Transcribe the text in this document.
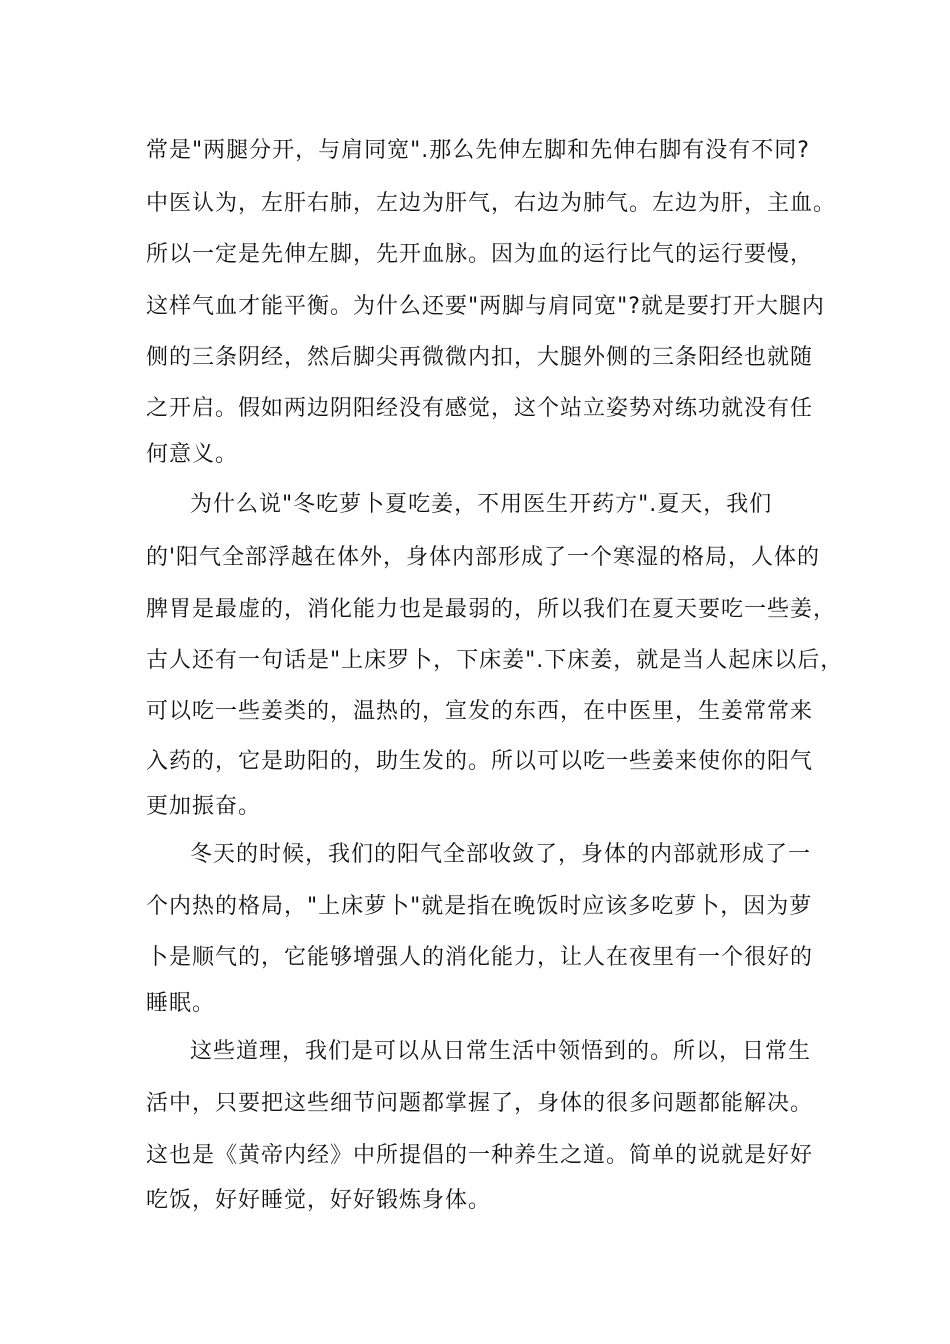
常是"两腿分开，与肩同宽".那么先伸左脚和先伸右脚有没有不同?
中医认为，左肝右肺，左边为肝气，右边为肺气。左边为肝，主血。
所以一定是先伸左脚，先开血脉。因为血的运行比气的运行要慢，
这样气血才能平衡。为什么还要"两脚与肩同宽"?就是要打开大腿内
侧的三条阴经，然后脚尖再微微内扣，大腿外侧的三条阳经也就随
之开启。假如两边阴阳经没有感觉，这个站立姿势对练功就没有任
何意义。
为什么说"冬吃萝卜夏吃姜，不用医生开药方".夏天，我们
的'阳气全部浮越在体外，身体内部形成了一个寒湿的格局，人体的
脾胃是最虚的，消化能力也是最弱的，所以我们在夏天要吃一些姜，
古人还有一句话是"上床罗卜，下床姜".下床姜，就是当人起床以后，
可以吃一些姜类的，温热的，宣发的东西，在中医里，生姜常常来
入药的，它是助阳的，助生发的。所以可以吃一些姜来使你的阳气
更加振奋。
冬天的时候，我们的阳气全部收敛了，身体的内部就形成了一
个内热的格局，"上床萝卜"就是指在晚饭时应该多吃萝卜，因为萝
卜是顺气的，它能够增强人的消化能力，让人在夜里有一个很好的
睡眠。
这些道理，我们是可以从日常生活中领悟到的。所以，日常生
活中，只要把这些细节问题都掌握了，身体的很多问题都能解决。
这也是《黄帝内经》中所提倡的一种养生之道。简单的说就是好好
吃饭，好好睡觉，好好锻炼身体。
